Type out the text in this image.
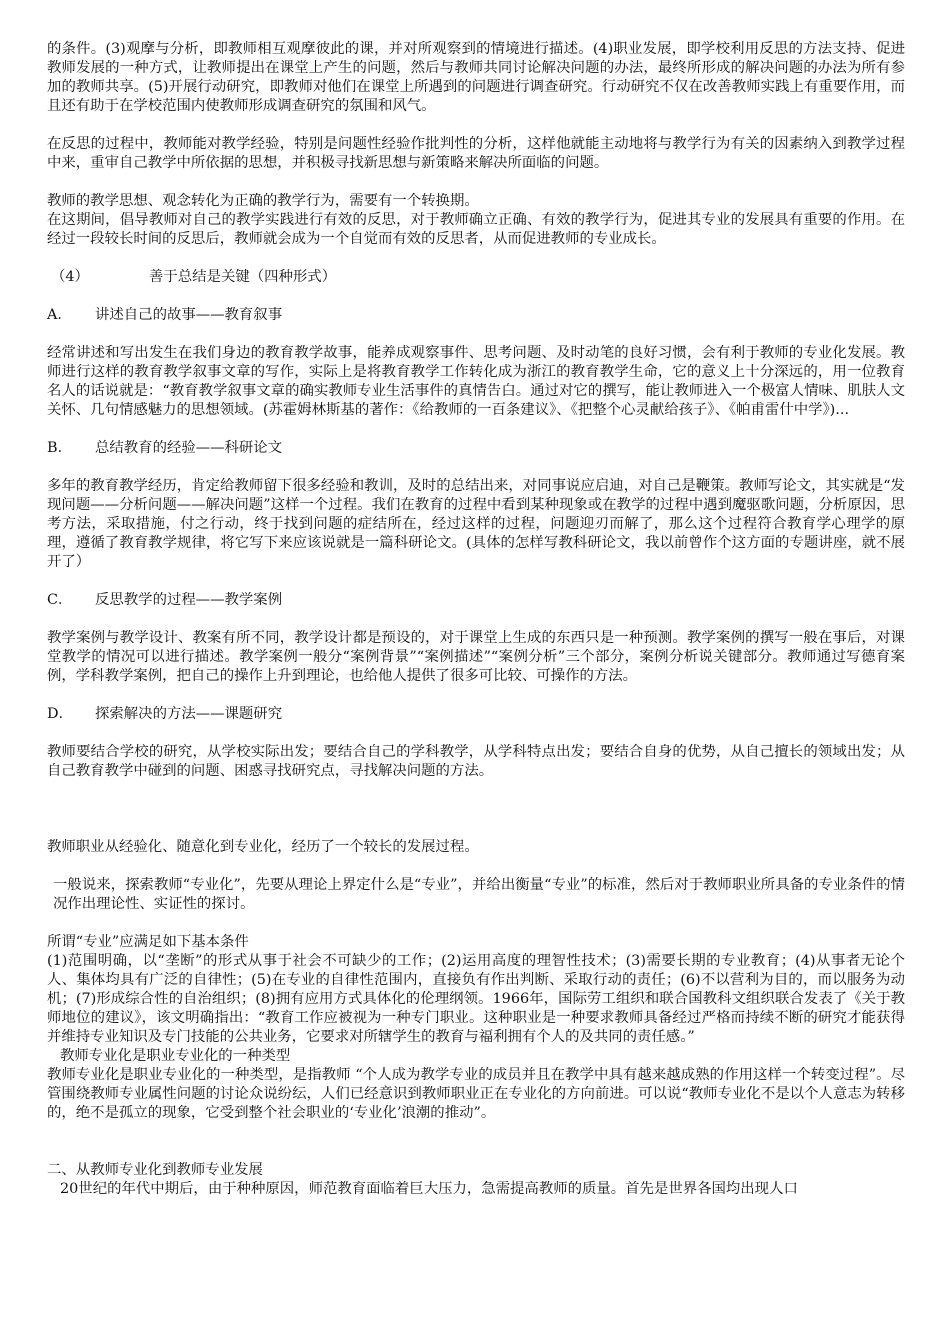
的条件。(3)观摩与分析，即教师相互观摩彼此的课，并对所观察到的情境进行描述。(4)职业发展，即学校利用反思的方法支持、促进教师发展的一种方式，让教师提出在课堂上产生的问题，然后与教师共同讨论解决问题的办法，最终所形成的解决问题的办法为所有参加的教师共享。(5)开展行动研究，即教师对他们在课堂上所遇到的问题进行调查研究。行动研究不仅在改善教师实践上有重要作用，而且还有助于在学校范围内使教师形成调查研究的氛围和风气。

在反思的过程中，教师能对教学经验，特别是问题性经验作批判性的分析，这样他就能主动地将与教学行为有关的因素纳入到教学过程中来，重审自己教学中所依据的思想，并积极寻找新思想与新策略来解决所面临的问题。

教师的教学思想、观念转化为正确的教学行为，需要有一个转换期。

在这期间，倡导教师对自己的教学实践进行有效的反思，对于教师确立正确、有效的教学行为，促进其专业的发展具有重要的作用。在经过一段较长时间的反思后，教师就会成为一个自觉而有效的反思者，从而促进教师的专业成长。

（4）	善于总结是关键（四种形式）

A． 讲述自己的故事——教育叙事

经常讲述和写出发生在我们身边的教育教学故事，能养成观察事件、思考问题、及时动笔的良好习惯，会有利于教师的专业化发展。教师进行这样的教育教学叙事文章的写作，实际上是将教育教学工作转化成为浙江的教育教学生命，它的意义上十分深远的，用一位教育名人的话说就是：“教育教学叙事文章的确实教师专业生活事件的真情告白。通过对它的撰写，能让教师进入一个极富人情味、肌肤人文关怀、几句情感魅力的思想领域。(苏霍姆林斯基的著作：《给教师的一百条建议》、《把整个心灵献给孩子》、《帕甫雷什中学》)...

B． 总结教育的经验——科研论文

多年的教育教学经历，肯定给教师留下很多经验和教训，及时的总结出来，对同事说应启迪，对自己是鞭策。教师写论文，其实就是“发现问题——分析问题——解决问题”这样一个过程。我们在教育的过程中看到某种现象或在教学的过程中遇到魔驱歌问题，分析原因，思考方法，采取措施，付之行动，终于找到问题的症结所在，经过这样的过程，问题迎刃而解了，那么这个过程符合教育学心理学的原理，遵循了教育教学规律，将它写下来应该说就是一篇科研论文。(具体的怎样写教科研论文，我以前曾作个这方面的专题讲座，就不展开了）

C． 反思教学的过程——教学案例

教学案例与教学设计、教案有所不同，教学设计都是预设的，对于课堂上生成的东西只是一种预测。教学案例的撰写一般在事后，对课堂教学的情况可以进行描述。教学案例一般分“案例背景”“案例描述”“案例分析”三个部分，案例分析说关键部分。教师通过写德育案例，学科教学案例，把自己的操作上升到理论，也给他人提供了很多可比较、可操作的方法。

D． 探索解决的方法——课题研究

教师要结合学校的研究，从学校实际出发；要结合自己的学科教学，从学科特点出发；要结合自身的优势，从自己擅长的领域出发；从自己教育教学中碰到的问题、困惑寻找研究点，寻找解决问题的方法。

教师职业从经验化、随意化到专业化，经历了一个较长的发展过程。

一般说来，探索教师“专业化”，先要从理论上界定什么是“专业”，并给出衡量“专业”的标准，然后对于教师职业所具备的专业条件的情况作出理论性、实证性的探讨。

所谓“专业”应满足如下基本条件

(1)范围明确，以“垄断”的形式从事于社会不可缺少的工作；(2)运用高度的理智性技术；(3)需要长期的专业教育；(4)从事者无论个人、集体均具有广泛的自律性；(5)在专业的自律性范围内，直接负有作出判断、采取行动的责任；(6)不以营利为目的，而以服务为动机；(7)形成综合性的自治组织；(8)拥有应用方式具体化的伦理纲领。1966年，国际劳工组织和联合国教科文组织联合发表了《关于教师地位的建议》，该文明确指出：“教育工作应被视为一种专门职业。这种职业是一种要求教师具备经过严格而持续不断的研究才能获得并维持专业知识及专门技能的公共业务，它要求对所辖学生的教育与福利拥有个人的及共同的责任感。”

教师专业化是职业专业化的一种类型

教师专业化是职业专业化的一种类型，是指教师 “个人成为教学专业的成员并且在教学中具有越来越成熟的作用这样一个转变过程”。尽管围绕教师专业属性问题的讨论众说纷纭，人们已经意识到教师职业正在专业化的方向前进。可以说“教师专业化不是以个人意志为转移的，绝不是孤立的现象，它受到整个社会职业的‘专业化’浪潮的推动”。

二、从教师专业化到教师专业发展

20世纪的年代中期后，由于种种原因，师范教育面临着巨大压力，急需提高教师的质量。首先是世界各国均出现人口
